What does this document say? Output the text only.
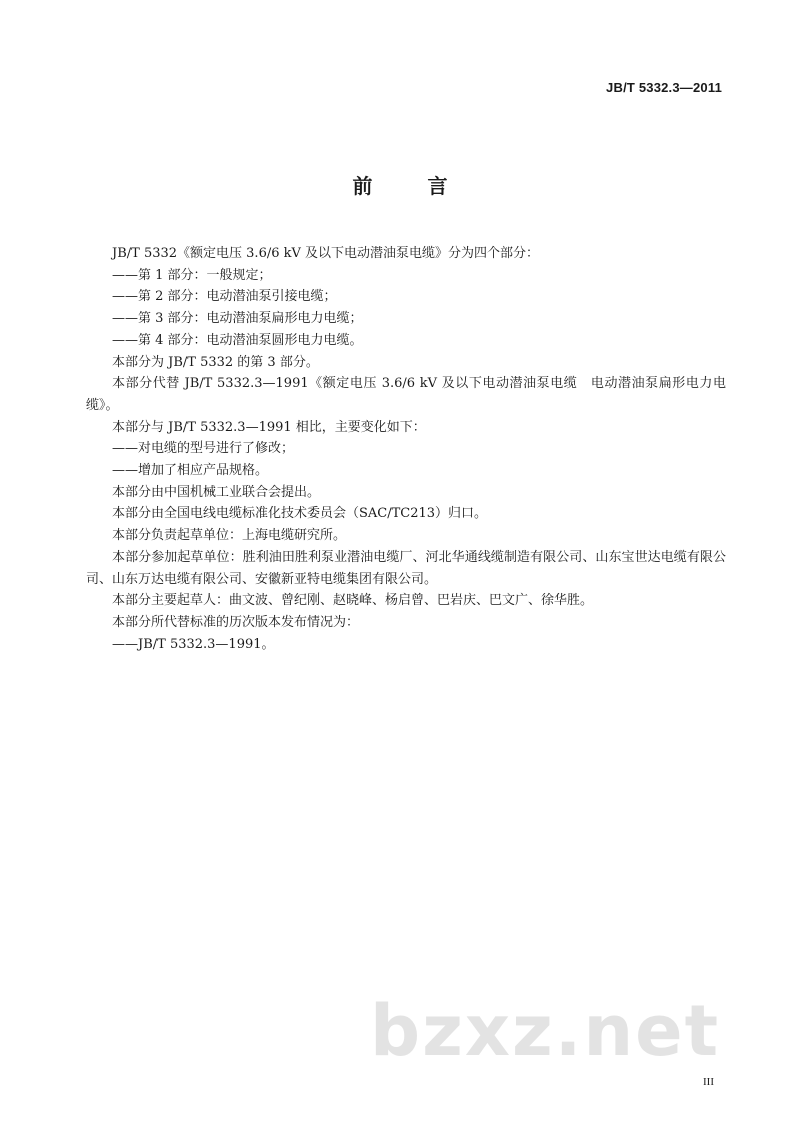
JB/T 5332.3—2011
前 言

JB/T 5332《额定电压 3.6/6 kV 及以下电动潜油泵电缆》分为四个部分：

——第 1 部分：一般规定；

——第 2 部分：电动潜油泵引接电缆；

——第 3 部分：电动潜油泵扁形电力电缆；

——第 4 部分：电动潜油泵圆形电力电缆。

本部分为 JB/T 5332 的第 3 部分。

本部分代替 JB/T 5332.3—1991《额定电压 3.6/6 kV 及以下电动潜油泵电缆　电动潜油泵扁形电力电缆》。

本部分与 JB/T 5332.3—1991 相比，主要变化如下：

——对电缆的型号进行了修改；

——增加了相应产品规格。

本部分由中国机械工业联合会提出。

本部分由全国电线电缆标准化技术委员会（SAC/TC213）归口。

本部分负责起草单位：上海电缆研究所。

本部分参加起草单位：胜利油田胜利泵业潜油电缆厂、河北华通线缆制造有限公司、山东宝世达电缆有限公司、山东万达电缆有限公司、安徽新亚特电缆集团有限公司。

本部分主要起草人：曲文波、曾纪刚、赵晓峰、杨启曾、巴岩庆、巴文广、徐华胜。

本部分所代替标准的历次版本发布情况为：

——JB/T 5332.3—1991。

bzxz.net
III
